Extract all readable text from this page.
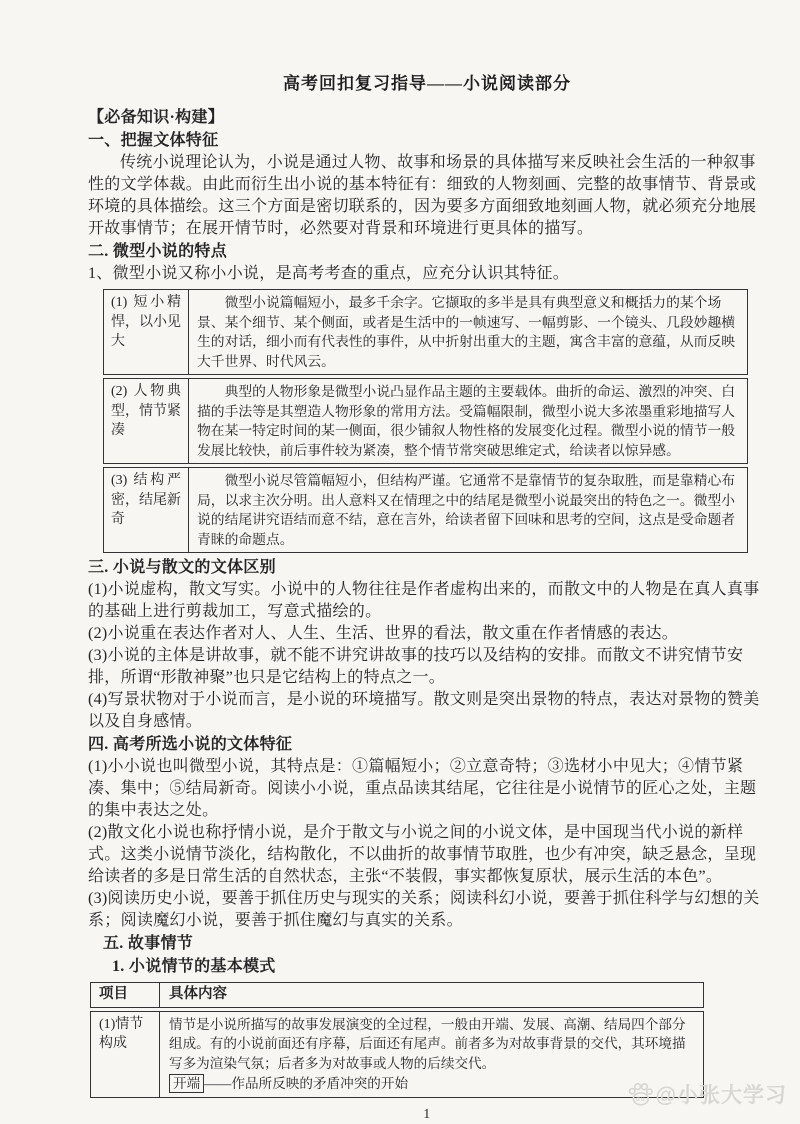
高考回扣复习指导——小说阅读部分
【必备知识·构建】
一、把握文体特征

传统小说理论认为，小说是通过人物、故事和场景的具体描写来反映社会生活的一种叙事性的文学体裁。由此而衍生出小说的基本特征有：细致的人物刻画、完整的故事情节、背景或环境的具体描绘。这三个方面是密切联系的，因为要多方面细致地刻画人物，就必须充分地展开故事情节；在展开情节时，必然要对背景和环境进行更具体的描写。

二. 微型小说的特点
1、微型小说又称小小说，是高考考查的重点，应充分认识其特征。
(1) 短小精悍，以小见大
微型小说篇幅短小，最多千余字。它撷取的多半是具有典型意义和概括力的某个场景、某个细节、某个侧面，或者是生活中的一帧速写、一幅剪影、一个镜头、几段妙趣横生的对话，细小而有代表性的事件，从中折射出重大的主题，寓含丰富的意蕴，从而反映大千世界、时代风云。
(2) 人物典型，情节紧凑
典型的人物形象是微型小说凸显作品主题的主要载体。曲折的命运、激烈的冲突、白描的手法等是其塑造人物形象的常用方法。受篇幅限制，微型小说大多浓墨重彩地描写人物在某一特定时间的某一侧面，很少铺叙人物性格的发展变化过程。微型小说的情节一般发展比较快，前后事件较为紧凑，整个情节常突破思维定式，给读者以惊异感。
(3) 结构严密，结尾新奇
微型小说尽管篇幅短小，但结构严谨。它通常不是靠情节的复杂取胜，而是靠精心布局，以求主次分明。出人意料又在情理之中的结尾是微型小说最突出的特色之一。微型小说的结尾讲究语结而意不结，意在言外，给读者留下回味和思考的空间，这点是受命题者青睐的命题点。
三. 小说与散文的文体区别
(1)小说虚构，散文写实。小说中的人物往往是作者虚构出来的，而散文中的人物是在真人真事的基础上进行剪裁加工，写意式描绘的。
(2)小说重在表达作者对人、人生、生活、世界的看法，散文重在作者情感的表达。
(3)小说的主体是讲故事，就不能不讲究讲故事的技巧以及结构的安排。而散文不讲究情节安排，所谓“形散神聚”也只是它结构上的特点之一。
(4)写景状物对于小说而言，是小说的环境描写。散文则是突出景物的特点，表达对景物的赞美以及自身感情。
四. 高考所选小说的文体特征
(1)小小说也叫微型小说，其特点是：①篇幅短小；②立意奇特；③选材小中见大；④情节紧凑、集中；⑤结局新奇。阅读小小说，重点品读其结尾，它往往是小说情节的匠心之处，主题的集中表达之处。
(2)散文化小说也称抒情小说，是介于散文与小说之间的小说文体，是中国现当代小说的新样式。这类小说情节淡化，结构散化，不以曲折的故事情节取胜，也少有冲突，缺乏悬念，呈现给读者的多是日常生活的自然状态，主张“不装假，事实都恢复原状，展示生活的本色”。
(3)阅读历史小说，要善于抓住历史与现实的关系；阅读科幻小说，要善于抓住科学与幻想的关系；阅读魔幻小说，要善于抓住魔幻与真实的关系。
五. 故事情节
1. 小说情节的基本模式
项目	具体内容
(1)情节构成
情节是小说所描写的故事发展演变的全过程，一般由开端、发展、高潮、结局四个部分组成。有的小说前面还有序幕，后面还有尾声。前者多为对故事背景的交代，其环境描写多为渲染气氛；后者多为对故事或人物的后续交代。
开端 ——作品所反映的矛盾冲突的开始
1
du @小张大学习
